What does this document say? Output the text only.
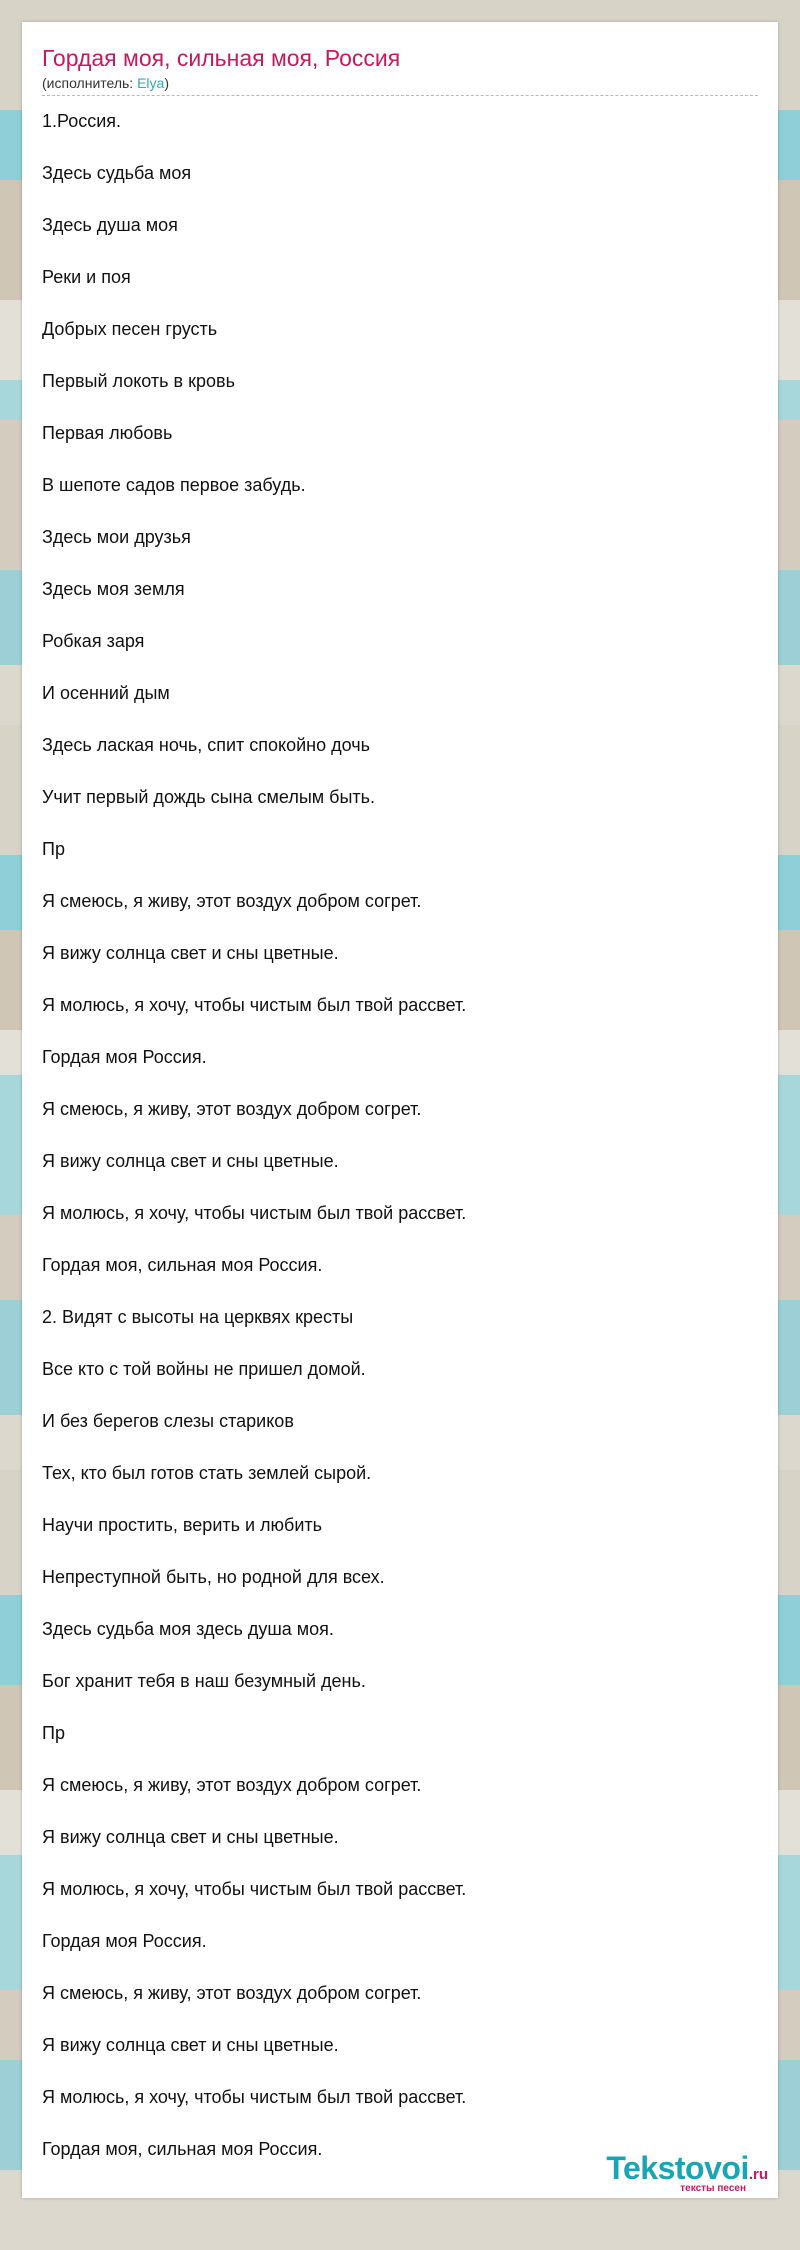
Гордая моя, сильная моя, Россия
(исполнитель: Elya)
1.Россия.
Здесь судьба моя
Здесь душа моя
Реки и поя
Добрых песен грусть
Первый локоть в кровь
Первая любовь
В шепоте садов первое забудь.
Здесь мои друзья
Здесь моя земля
Робкая заря
И осенний дым
Здесь ласкaя ночь, спит спокойно дочь
Учит первый дождь сына смелым быть.
Пр
Я смеюсь, я живу, этот воздух добром согрет.
Я вижу солнца свет и сны цветные.
Я молюсь, я хочу, чтобы чистым был твой рассвет.
Гордая моя Россия.
Я смеюсь, я живу, этот воздух добром согрет.
Я вижу солнца свет и сны цветные.
Я молюсь, я хочу, чтобы чистым был твой рассвет.
Гордая моя, сильная моя Россия.
2. Видят с высоты на церквях кресты
Все кто с той войны не пришел домой.
И без берегов слезы стариков
Тех, кто был готов стать землей сырой.
Научи простить, верить и любить
Непреступной быть, но родной для всех.
Здесь судьба моя здесь душа моя.
Бог хранит тебя в наш безумный день.
Пр
Я смеюсь, я живу, этот воздух добром согрет.
Я вижу солнца свет и сны цветные.
Я молюсь, я хочу, чтобы чистым был твой рассвет.
Гордая моя Россия.
Я смеюсь, я живу, этот воздух добром согрет.
Я вижу солнца свет и сны цветные.
Я молюсь, я хочу, чтобы чистым был твой рассвет.
Гордая моя, сильная моя Россия.
Tekstovoi.ru
тексты песен
